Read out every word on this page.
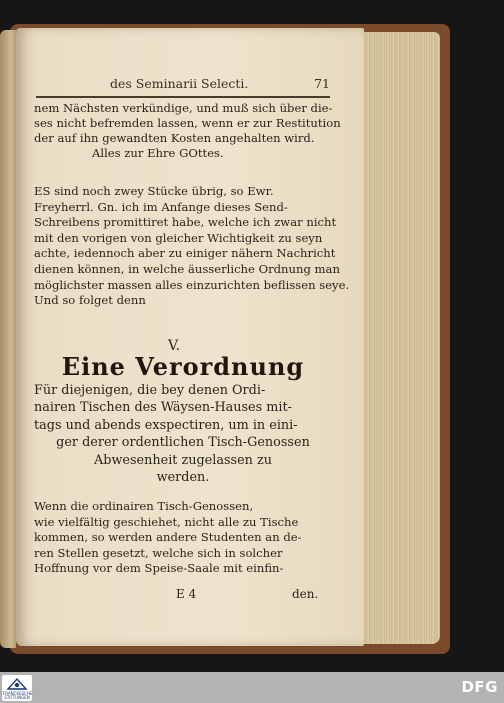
des Seminarii Selecti.	71
nem Nächsten verkündige, und muß sich über die-
ses nicht befremden lassen, wenn er zur Restitution
der auf ihn gewandten Kosten angehalten wird.
Alles zur Ehre GOttes.
ES sind noch zwey Stücke übrig, so Ewr.
Freyherrl. Gn. ich im Anfange dieses Send-
Schreibens promittiret habe, welche ich zwar nicht
mit den vorigen von gleicher Wichtigkeit zu seyn
achte, iedennoch aber zu einiger nähern Nachricht
dienen können, in welche äusserliche Ordnung man
möglichster massen alles einzurichten beflissen seye.
Und so folget denn
V.
Eine Verordnung
Für diejenigen, die bey denen Ordi-
nairen Tischen des Wäysen-Hauses mit-
tags und abends exspectiren, um in eini-
ger derer ordentlichen Tisch-Genossen
Abwesenheit zugelassen zu
werden.
Wenn die ordinairen Tisch-Genossen,
wie vielfältig geschiehet, nicht alle zu Tische
kommen, so werden andere Studenten an de-
ren Stellen gesetzt, welche sich in solcher
Hoffnung vor dem Speise-Saale mit einfin-
E 4	den.
FRANCKESCHE STIFTUNGEN
DFG
